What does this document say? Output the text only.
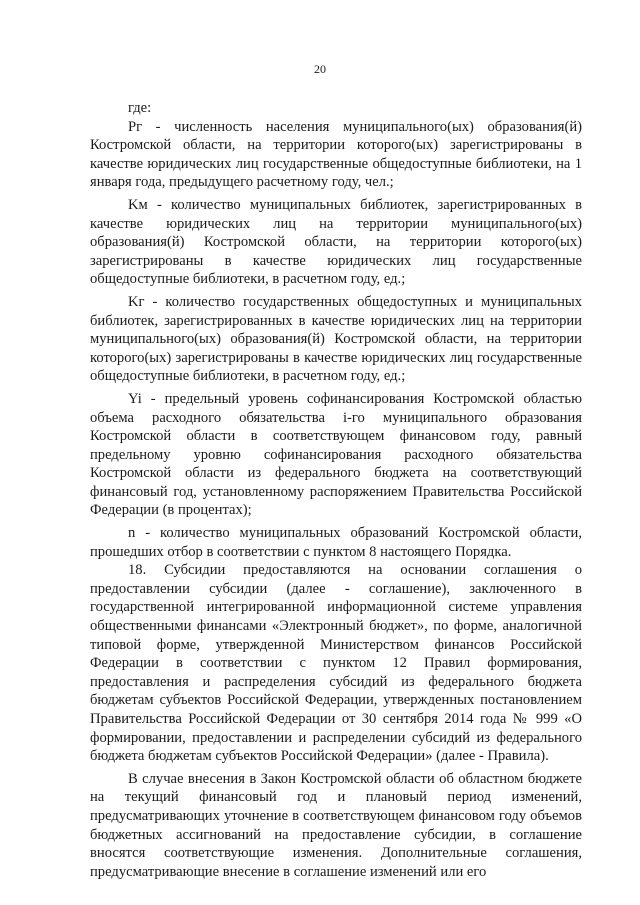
20

где:

Pг - численность населения муниципального(ых) образования(й) Костромской области, на территории которого(ых) зарегистрированы в качестве юридических лиц государственные общедоступные библиотеки, на 1 января года, предыдущего расчетному году, чел.;

Kм - количество муниципальных библиотек, зарегистрированных в качестве юридических лиц на территории муниципального(ых) образования(й) Костромской области, на территории которого(ых) зарегистрированы в качестве юридических лиц государственные общедоступные библиотеки, в расчетном году, ед.;

Kг - количество государственных общедоступных и муниципальных библиотек, зарегистрированных в качестве юридических лиц на территории муниципального(ых) образования(й) Костромской области, на территории которого(ых) зарегистрированы в качестве юридических лиц государственные общедоступные библиотеки, в расчетном году, ед.;

Yi - предельный уровень софинансирования Костромской областью объема расходного обязательства i-го муниципального образования Костромской области в соответствующем финансовом году, равный предельному уровню софинансирования расходного обязательства Костромской области из федерального бюджета на соответствующий финансовый год, установленному распоряжением Правительства Российской Федерации (в процентах);

n - количество муниципальных образований Костромской области, прошедших отбор в соответствии с пунктом 8 настоящего Порядка.

18. Субсидии предоставляются на основании соглашения о предоставлении субсидии (далее - соглашение), заключенного в государственной интегрированной информационной системе управления общественными финансами «Электронный бюджет», по форме, аналогичной типовой форме, утвержденной Министерством финансов Российской Федерации в соответствии с пунктом 12 Правил формирования, предоставления и распределения субсидий из федерального бюджета бюджетам субъектов Российской Федерации, утвержденных постановлением Правительства Российской Федерации от 30 сентября 2014 года № 999 «О формировании, предоставлении и распределении субсидий из федерального бюджета бюджетам субъектов Российской Федерации» (далее - Правила).

В случае внесения в Закон Костромской области об областном бюджете на текущий финансовый год и плановый период изменений, предусматривающих уточнение в соответствующем финансовом году объемов бюджетных ассигнований на предоставление субсидии, в соглашение вносятся соответствующие изменения. Дополнительные соглашения, предусматривающие внесение в соглашение изменений или его
